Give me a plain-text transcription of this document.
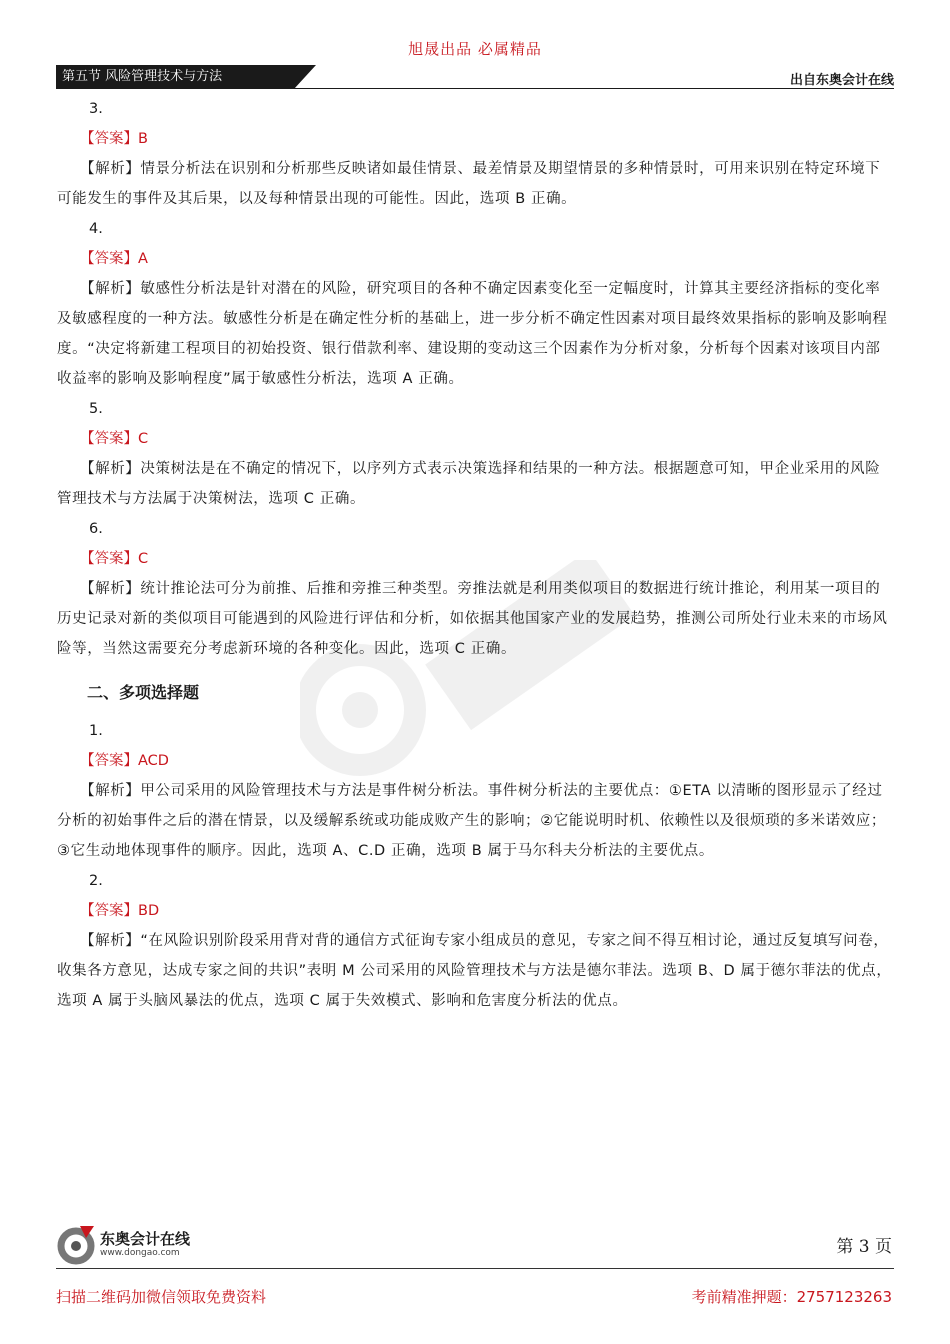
旭晟出品 必属精品
第五节 风险管理技术与方法	出自东奥会计在线

3.

【答案】B

【解析】情景分析法在识别和分析那些反映诸如最佳情景、最差情景及期望情景的多种情景时，可用来识别在特定环境下可能发生的事件及其后果，以及每种情景出现的可能性。因此，选项 B 正确。

4.

【答案】A

【解析】敏感性分析法是针对潜在的风险，研究项目的各种不确定因素变化至一定幅度时，计算其主要经济指标的变化率及敏感程度的一种方法。敏感性分析是在确定性分析的基础上，进一步分析不确定性因素对项目最终效果指标的影响及影响程度。“决定将新建工程项目的初始投资、银行借款利率、建设期的变动这三个因素作为分析对象，分析每个因素对该项目内部收益率的影响及影响程度”属于敏感性分析法，选项 A 正确。

5.

【答案】C

【解析】决策树法是在不确定的情况下，以序列方式表示决策选择和结果的一种方法。根据题意可知，甲企业采用的风险管理技术与方法属于决策树法，选项 C 正确。

6.

【答案】C

【解析】统计推论法可分为前推、后推和旁推三种类型。旁推法就是利用类似项目的数据进行统计推论，利用某一项目的历史记录对新的类似项目可能遇到的风险进行评估和分析，如依据其他国家产业的发展趋势，推测公司所处行业未来的市场风险等，当然这需要充分考虑新环境的各种变化。因此，选项 C 正确。

二、多项选择题

1.

【答案】ACD

【解析】甲公司采用的风险管理技术与方法是事件树分析法。事件树分析法的主要优点：①ETA 以清晰的图形显示了经过分析的初始事件之后的潜在情景，以及缓解系统或功能成败产生的影响；②它能说明时机、依赖性以及很烦琐的多米诺效应；③它生动地体现事件的顺序。因此，选项 A、C.D 正确，选项 B 属于马尔科夫分析法的主要优点。

2.

【答案】BD

【解析】“在风险识别阶段采用背对背的通信方式征询专家小组成员的意见，专家之间不得互相讨论，通过反复填写问卷，收集各方意见，达成专家之间的共识”表明 M 公司采用的风险管理技术与方法是德尔菲法。选项 B、D 属于德尔菲法的优点，选项 A 属于头脑风暴法的优点，选项 C 属于失效模式、影响和危害度分析法的优点。

东奥会计在线
www.dongao.com	第 3 页
扫描二维码加微信领取免费资料	考前精准押题：2757123263
